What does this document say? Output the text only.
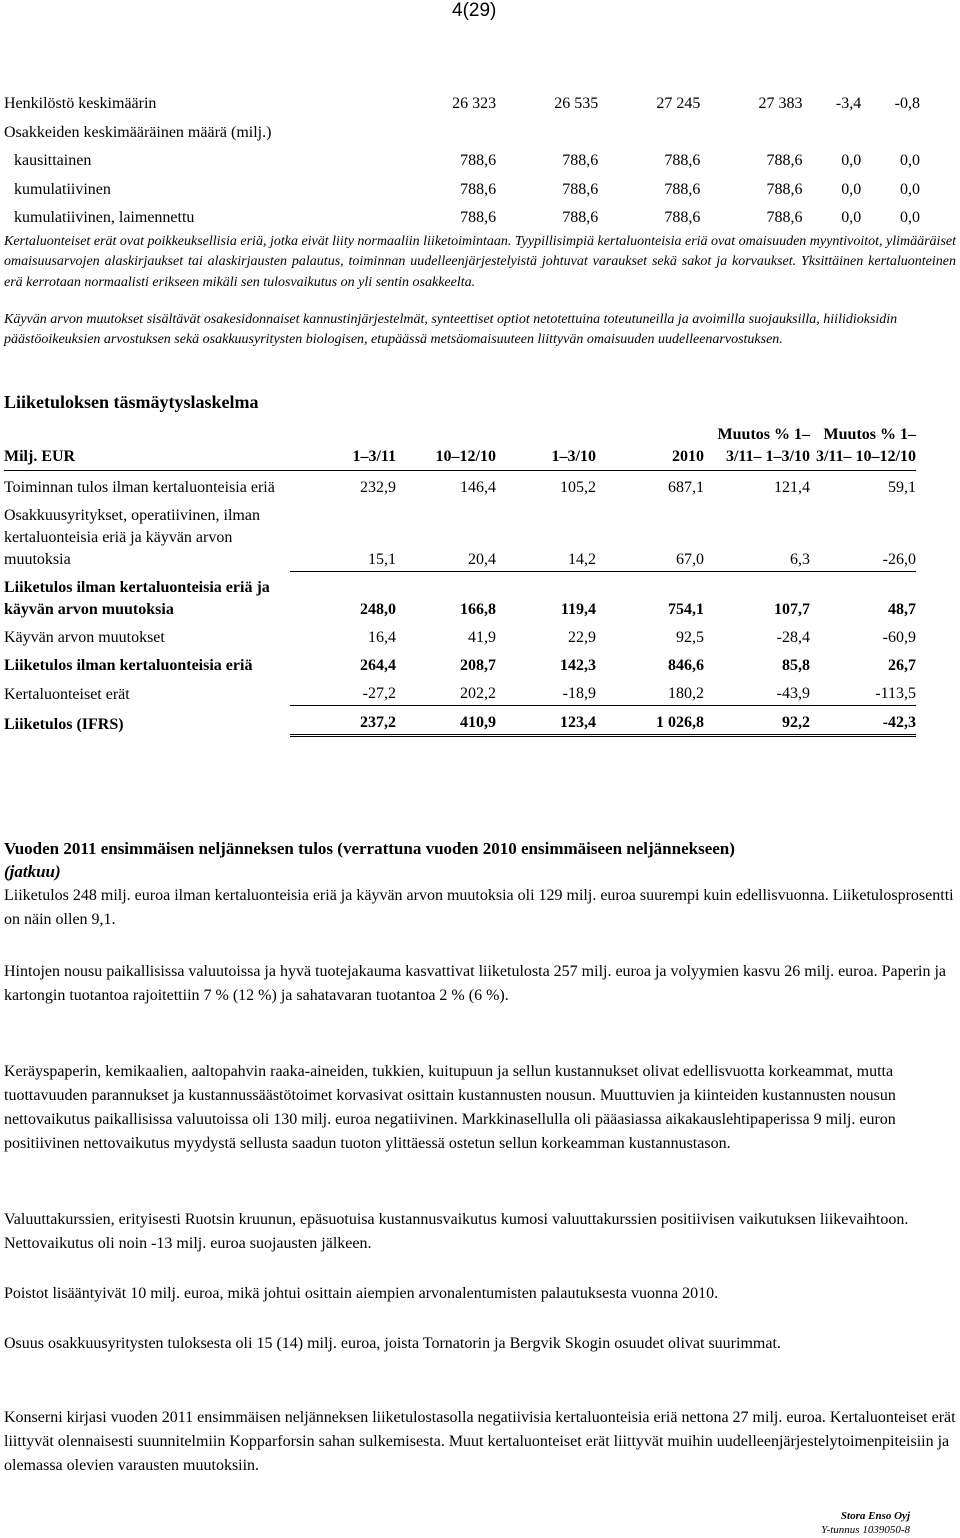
4(29)
Henkilöstö keskimäärin	26 323	26 535	27 245	27 383	-3,4	-0,8
Osakkeiden keskimääräinen määrä (milj.)						
kausittainen	788,6	788,6	788,6	788,6	0,0	0,0
kumulatiivinen	788,6	788,6	788,6	788,6	0,0	0,0
kumulatiivinen, laimennettu	788,6	788,6	788,6	788,6	0,0	0,0

Kertaluonteiset erät ovat poikkeuksellisia eriä, jotka eivät liity normaaliin liiketoimintaan. Tyypillisimpiä kertaluonteisia eriä ovat omaisuuden myyntivoitot, ylimääräiset omaisuusarvojen alaskirjaukset tai alaskirjausten palautus, toiminnan uudelleenjärjestelyistä johtuvat varaukset sekä sakot ja korvaukset. Yksittäinen kertaluonteinen erä kerrotaan normaalisti erikseen mikäli sen tulosvaikutus on yli sentin osakkeelta.

Käyvän arvon muutokset sisältävät osakesidonnaiset kannustinjärjestelmät, synteettiset optiot netotettuina toteutuneilla ja avoimilla suojauksilla, hiilidioksidin päästöoikeuksien arvostuksen sekä osakkuusyritysten biologisen, etupäässä metsäomaisuuteen liittyvän omaisuuden uudelleenarvostuksen.

Liiketuloksen täsmäytyslaskelma
Milj. EUR	1–3/11	10–12/10	1–3/10	2010	Muutos % 1–3/11– 1–3/10	Muutos % 1–3/11– 10–12/10
Toiminnan tulos ilman kertaluonteisia eriä	232,9	146,4	105,2	687,1	121,4	59,1
Osakkuusyritykset, operatiivinen, ilman kertaluonteisia eriä ja käyvän arvon muutoksia	15,1	20,4	14,2	67,0	6,3	-26,0
Liiketulos ilman kertaluonteisia eriä ja käyvän arvon muutoksia	248,0	166,8	119,4	754,1	107,7	48,7
Käyvän arvon muutokset	16,4	41,9	22,9	92,5	-28,4	-60,9
Liiketulos ilman kertaluonteisia eriä	264,4	208,7	142,3	846,6	85,8	26,7
Kertaluonteiset erät	-27,2	202,2	-18,9	180,2	-43,9	-113,5
Liiketulos (IFRS)	237,2	410,9	123,4	1 026,8	92,2	-42,3
Vuoden 2011 ensimmäisen neljänneksen tulos (verrattuna vuoden 2010 ensimmäiseen neljännekseen)
(jatkuu)

Liiketulos 248 milj. euroa ilman kertaluonteisia eriä ja käyvän arvon muutoksia oli 129 milj. euroa suurempi kuin edellisvuonna. Liiketulosprosentti on näin ollen 9,1.

Hintojen nousu paikallisissa valuutoissa ja hyvä tuotejakauma kasvattivat liiketulosta 257 milj. euroa ja volyymien kasvu 26 milj. euroa. Paperin ja kartongin tuotantoa rajoitettiin 7 % (12 %) ja sahatavaran tuotantoa 2 % (6 %).

Keräyspaperin, kemikaalien, aaltopahvin raaka-aineiden, tukkien, kuitupuun ja sellun kustannukset olivat edellisvuotta korkeammat, mutta tuottavuuden parannukset ja kustannussäästötoimet korvasivat osittain kustannusten nousun. Muuttuvien ja kiinteiden kustannusten nousun nettovaikutus paikallisissa valuutoissa oli 130 milj. euroa negatiivinen. Markkinasellulla oli pääasiassa aikakauslehtipaperissa 9 milj. euron positiivinen nettovaikutus myydystä sellusta saadun tuoton ylittäessä ostetun sellun korkeamman kustannustason.

Valuuttakurssien, erityisesti Ruotsin kruunun, epäsuotuisa kustannusvaikutus kumosi valuuttakurssien positiivisen vaikutuksen liikevaihtoon. Nettovaikutus oli noin -13 milj. euroa suojausten jälkeen.

Poistot lisääntyivät 10 milj. euroa, mikä johtui osittain aiempien arvonalentumisten palautuksesta vuonna 2010.

Osuus osakkuusyritysten tuloksesta oli 15 (14) milj. euroa, joista Tornatorin ja Bergvik Skogin osuudet olivat suurimmat.

Konserni kirjasi vuoden 2011 ensimmäisen neljänneksen liiketulostasolla negatiivisia kertaluonteisia eriä nettona 27 milj. euroa. Kertaluonteiset erät liittyvät olennaisesti suunnitelmiin Kopparforsin sahan sulkemisesta. Muut kertaluonteiset erät liittyvät muihin uudelleenjärjestelytoimenpiteisiin ja olemassa olevien varausten muutoksiin.

Stora Enso Oyj
Y-tunnus 1039050-8
